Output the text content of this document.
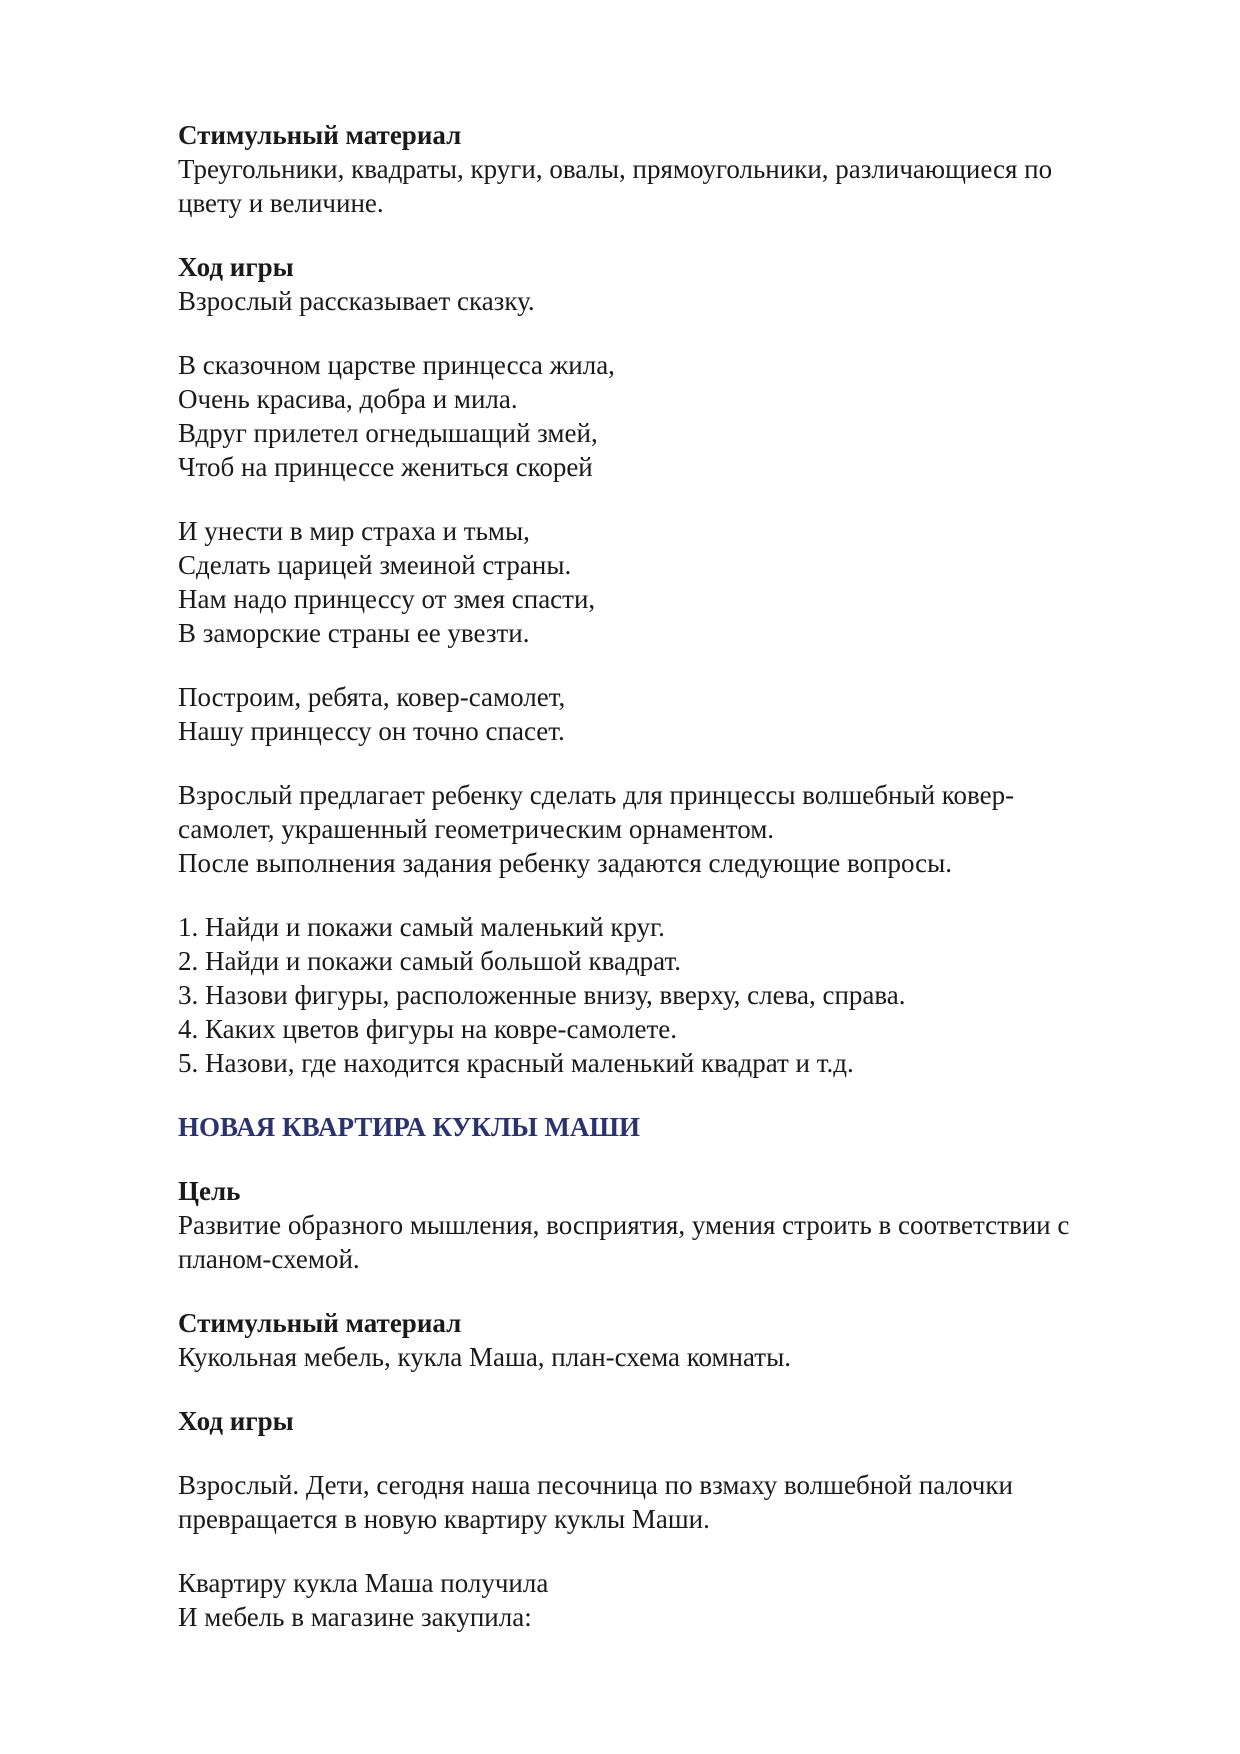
Стимульный материал
Треугольники, квадраты, круги, овалы, прямоугольники, различающиеся по
цвету и величине.
Ход игры
Взрослый рассказывает сказку.
В сказочном царстве принцесса жила,
Очень красива, добра и мила.
Вдруг прилетел огнедышащий змей,
Чтоб на принцессе жениться скорей
И унести в мир страха и тьмы,
Сделать царицей змеиной страны.
Нам надо принцессу от змея спасти,
В заморские страны ее увезти.
Построим, ребята, ковер-самолет,
Нашу принцессу он точно спасет.
Взрослый предлагает ребенку сделать для принцессы волшебный ковер-
самолет, украшенный геометрическим орнаментом.
После выполнения задания ребенку задаются следующие вопросы.
1. Найди и покажи самый маленький круг.
2. Найди и покажи самый большой квадрат.
3. Назови фигуры, расположенные внизу, вверху, слева, справа.
4. Каких цветов фигуры на ковре-самолете.
5. Назови, где находится красный маленький квадрат и т.д.
НОВАЯ КВАРТИРА КУКЛЫ МАШИ
Цель
Развитие образного мышления, восприятия, умения строить в соответствии с
планом-схемой.
Стимульный материал
Кукольная мебель, кукла Маша, план-схема комнаты.
Ход игры
Взрослый. Дети, сегодня наша песочница по взмаху волшебной палочки
превращается в новую квартиру куклы Маши.
Квартиру кукла Маша получила
И мебель в магазине закупила:
